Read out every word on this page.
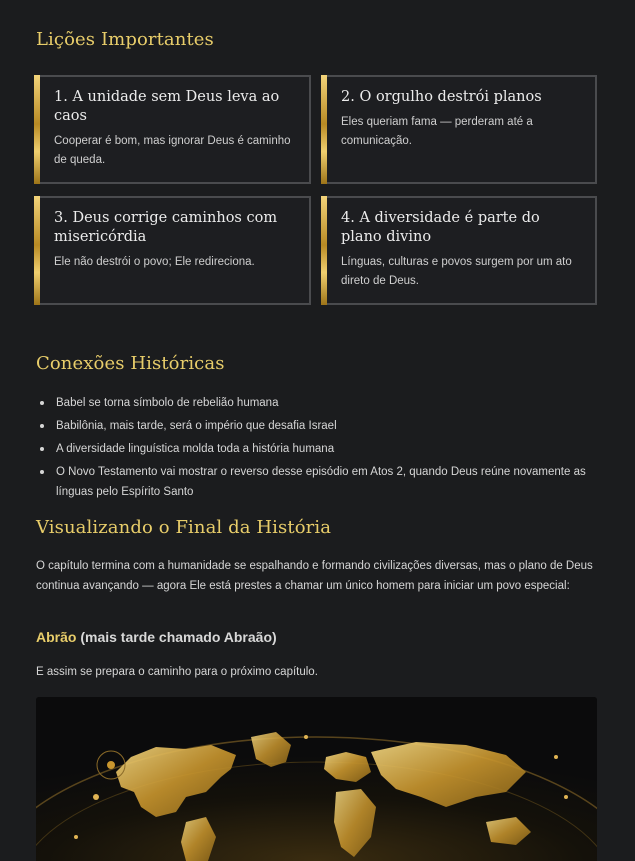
Lições Importantes
1. A unidade sem Deus leva ao caos
Cooperar é bom, mas ignorar Deus é caminho de queda.
2. O orgulho destrói planos
Eles queriam fama — perderam até a comunicação.
3. Deus corrige caminhos com misericórdia
Ele não destrói o povo; Ele redireciona.
4. A diversidade é parte do plano divino
Línguas, culturas e povos surgem por um ato direto de Deus.
Conexões Históricas
Babel se torna símbolo de rebelião humana
Babilônia, mais tarde, será o império que desafia Israel
A diversidade linguística molda toda a história humana
O Novo Testamento vai mostrar o reverso desse episódio em Atos 2, quando Deus reúne novamente as línguas pelo Espírito Santo
Visualizando o Final da História

O capítulo termina com a humanidade se espalhando e formando civilizações diversas, mas o plano de Deus continua avançando — agora Ele está prestes a chamar um único homem para iniciar um povo especial:

Abrão (mais tarde chamado Abraão)

E assim se prepara o caminho para o próximo capítulo.
